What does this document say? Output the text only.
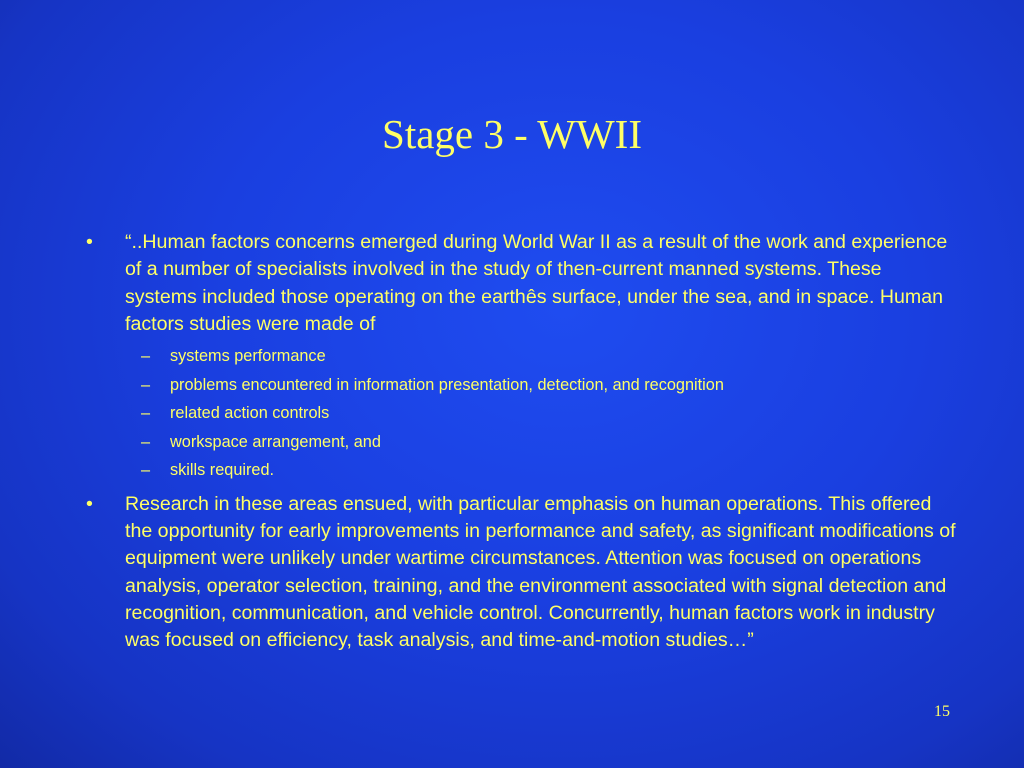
Stage 3 - WWII
• “..Human factors concerns emerged during World War II as a result of the work and experience of a number of specialists involved in the study of then-current manned systems. These systems included those operating on the earthês surface, under the sea, and in space. Human factors studies were made of
– systems performance
– problems encountered in information presentation, detection, and recognition
– related action controls
– workspace arrangement, and
– skills required.
• Research in these areas ensued, with particular emphasis on human operations. This offered the opportunity for early improvements in performance and safety, as significant modifications of equipment were unlikely under wartime circumstances. Attention was focused on operations analysis, operator selection, training, and the environment associated with signal detection and recognition, communication, and vehicle control. Concurrently, human factors work in industry was focused on efficiency, task analysis, and time-and-motion studies…”
15
